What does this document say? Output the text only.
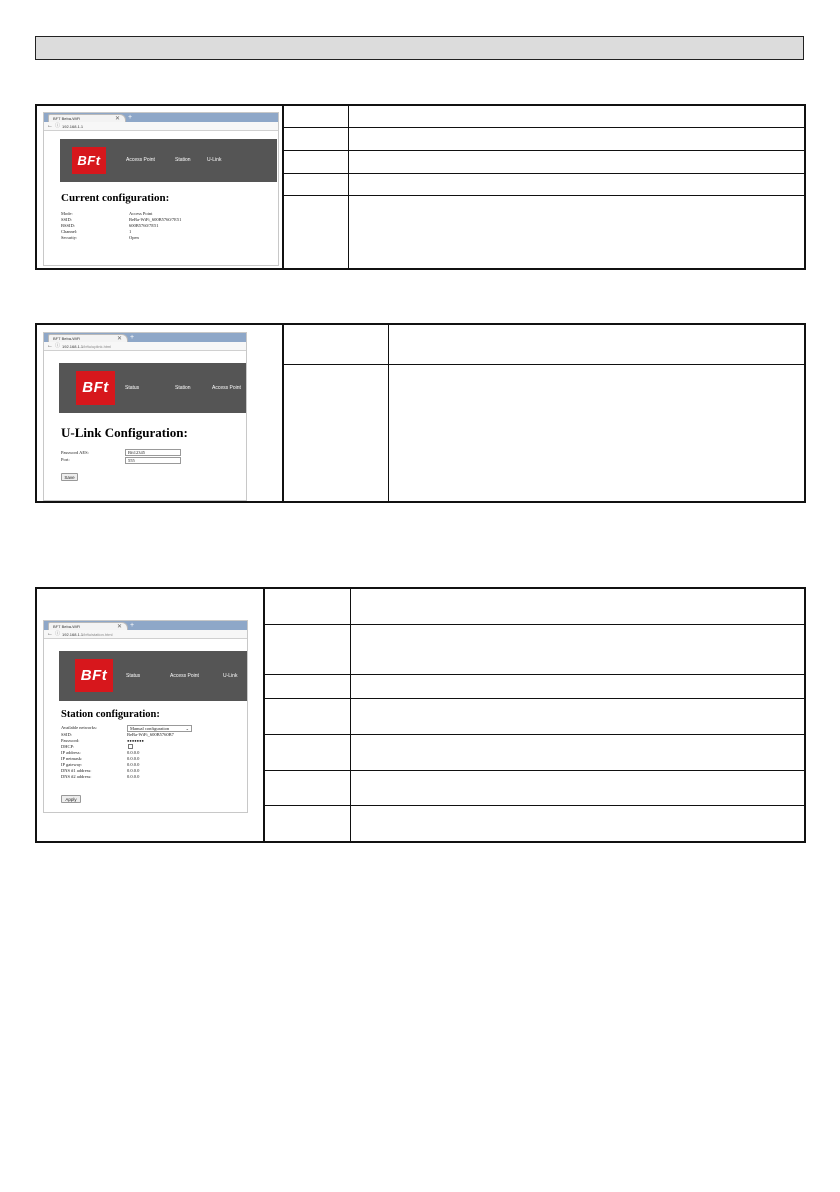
BFT Beba-WiFi	✕ +
← ⓘ 192.168.1.1
BFt	Access Point	Station	U-Link
Current configuration:
Mode:	Access Point
SSID:	BeBa-WiFi_600B5760/7E51
BSSID:	600B5760/7E51
Channel:	1
Security:	Open
BFT Beba-WiFi	✕ +
← ⓘ 192.168.1.1/bftu/uplink.html
BFt	Status	Station	Access Point
U-Link Configuration:
Password AES:	Bft12345
Port:	555
Save
BFT Beba-WiFi	✕ +
← ⓘ 192.168.1.1/bftu/station.html
BFt	Status	Access Point	U-Link
Station configuration:
Available networks:	Manual configuration	⌄
SSID:	BeBa-WiFi_600B5760B7
Password:	●●●●●●●
DHCP:
IP address:	0.0.0.0
IP netmask:	0.0.0.0
IP gateway:	0.0.0.0
DNS #1 address:	0.0.0.0
DNS #2 address:	0.0.0.0
Apply
